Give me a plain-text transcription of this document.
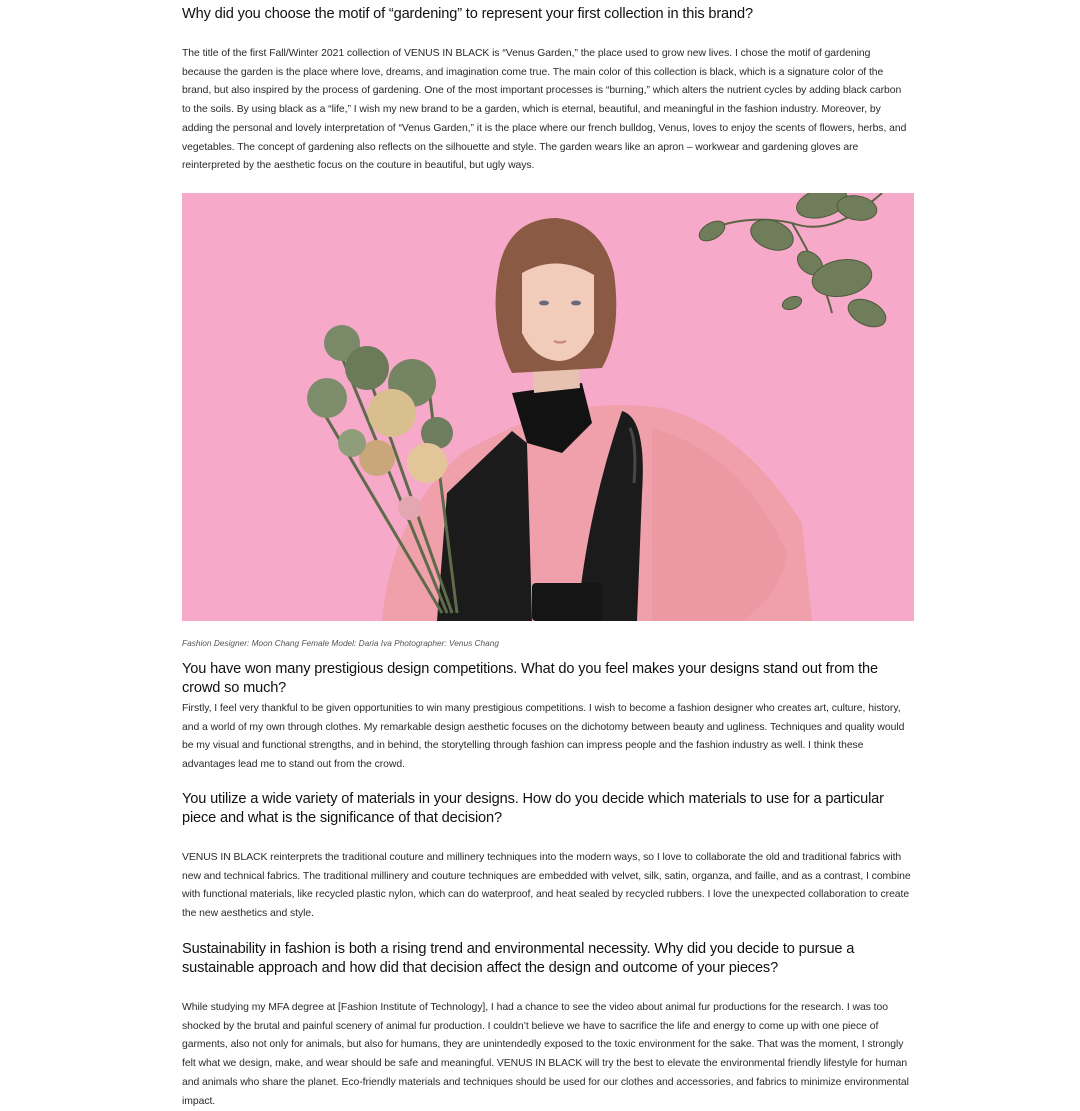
Why did you choose the motif of “gardening” to represent your first collection in this brand?

The title of the first Fall/Winter 2021 collection of VENUS IN BLACK is “Venus Garden,” the place used to grow new lives. I chose the motif of gardening because the garden is the place where love, dreams, and imagination come true. The main color of this collection is black, which is a signature color of the brand, but also inspired by the process of gardening. One of the most important processes is “burning,” which alters the nutrient cycles by adding black carbon to the soils. By using black as a “life,” I wish my new brand to be a garden, which is eternal, beautiful, and meaningful in the fashion industry. Moreover, by adding the personal and lovely interpretation of “Venus Garden,” it is the place where our french bulldog, Venus, loves to enjoy the scents of flowers, herbs, and vegetables. The concept of gardening also reflects on the silhouette and style. The garden wears like an apron – workwear and gardening gloves are reinterpreted by the aesthetic focus on the couture in beautiful, but ugly ways.

Fashion Designer: Moon Chang Female Model: Daria Iva Photographer: Venus Chang

You have won many prestigious design competitions. What do you feel makes your designs stand out from the crowd so much?

Firstly, I feel very thankful to be given opportunities to win many prestigious competitions. I wish to become a fashion designer who creates art, culture, history, and a world of my own through clothes. My remarkable design aesthetic focuses on the dichotomy between beauty and ugliness. Techniques and quality would be my visual and functional strengths, and in behind, the storytelling through fashion can impress people and the fashion industry as well. I think these advantages lead me to stand out from the crowd.

You utilize a wide variety of materials in your designs. How do you decide which materials to use for a particular piece and what is the significance of that decision?

VENUS IN BLACK reinterprets the traditional couture and millinery techniques into the modern ways, so I love to collaborate the old and traditional fabrics with new and technical fabrics. The traditional millinery and couture techniques are embedded with velvet, silk, satin, organza, and faille, and as a contrast, I combine with functional materials, like recycled plastic nylon, which can do waterproof, and heat sealed by recycled rubbers. I love the unexpected collaboration to create the new aesthetics and style.

Sustainability in fashion is both a rising trend and environmental necessity. Why did you decide to pursue a sustainable approach and how did that decision affect the design and outcome of your pieces?

While studying my MFA degree at [Fashion Institute of Technology], I had a chance to see the video about animal fur productions for the research. I was too shocked by the brutal and painful scenery of animal fur production. I couldn’t believe we have to sacrifice the life and energy to come up with one piece of garments, also not only for animals, but also for humans, they are unintendedly exposed to the toxic environment for the sake. That was the moment, I strongly felt what we design, make, and wear should be safe and meaningful. VENUS IN BLACK will try the best to elevate the environmental friendly lifestyle for human and animals who share the planet. Eco-friendly materials and techniques should be used for our clothes and accessories, and fabrics to minimize environmental impact.
